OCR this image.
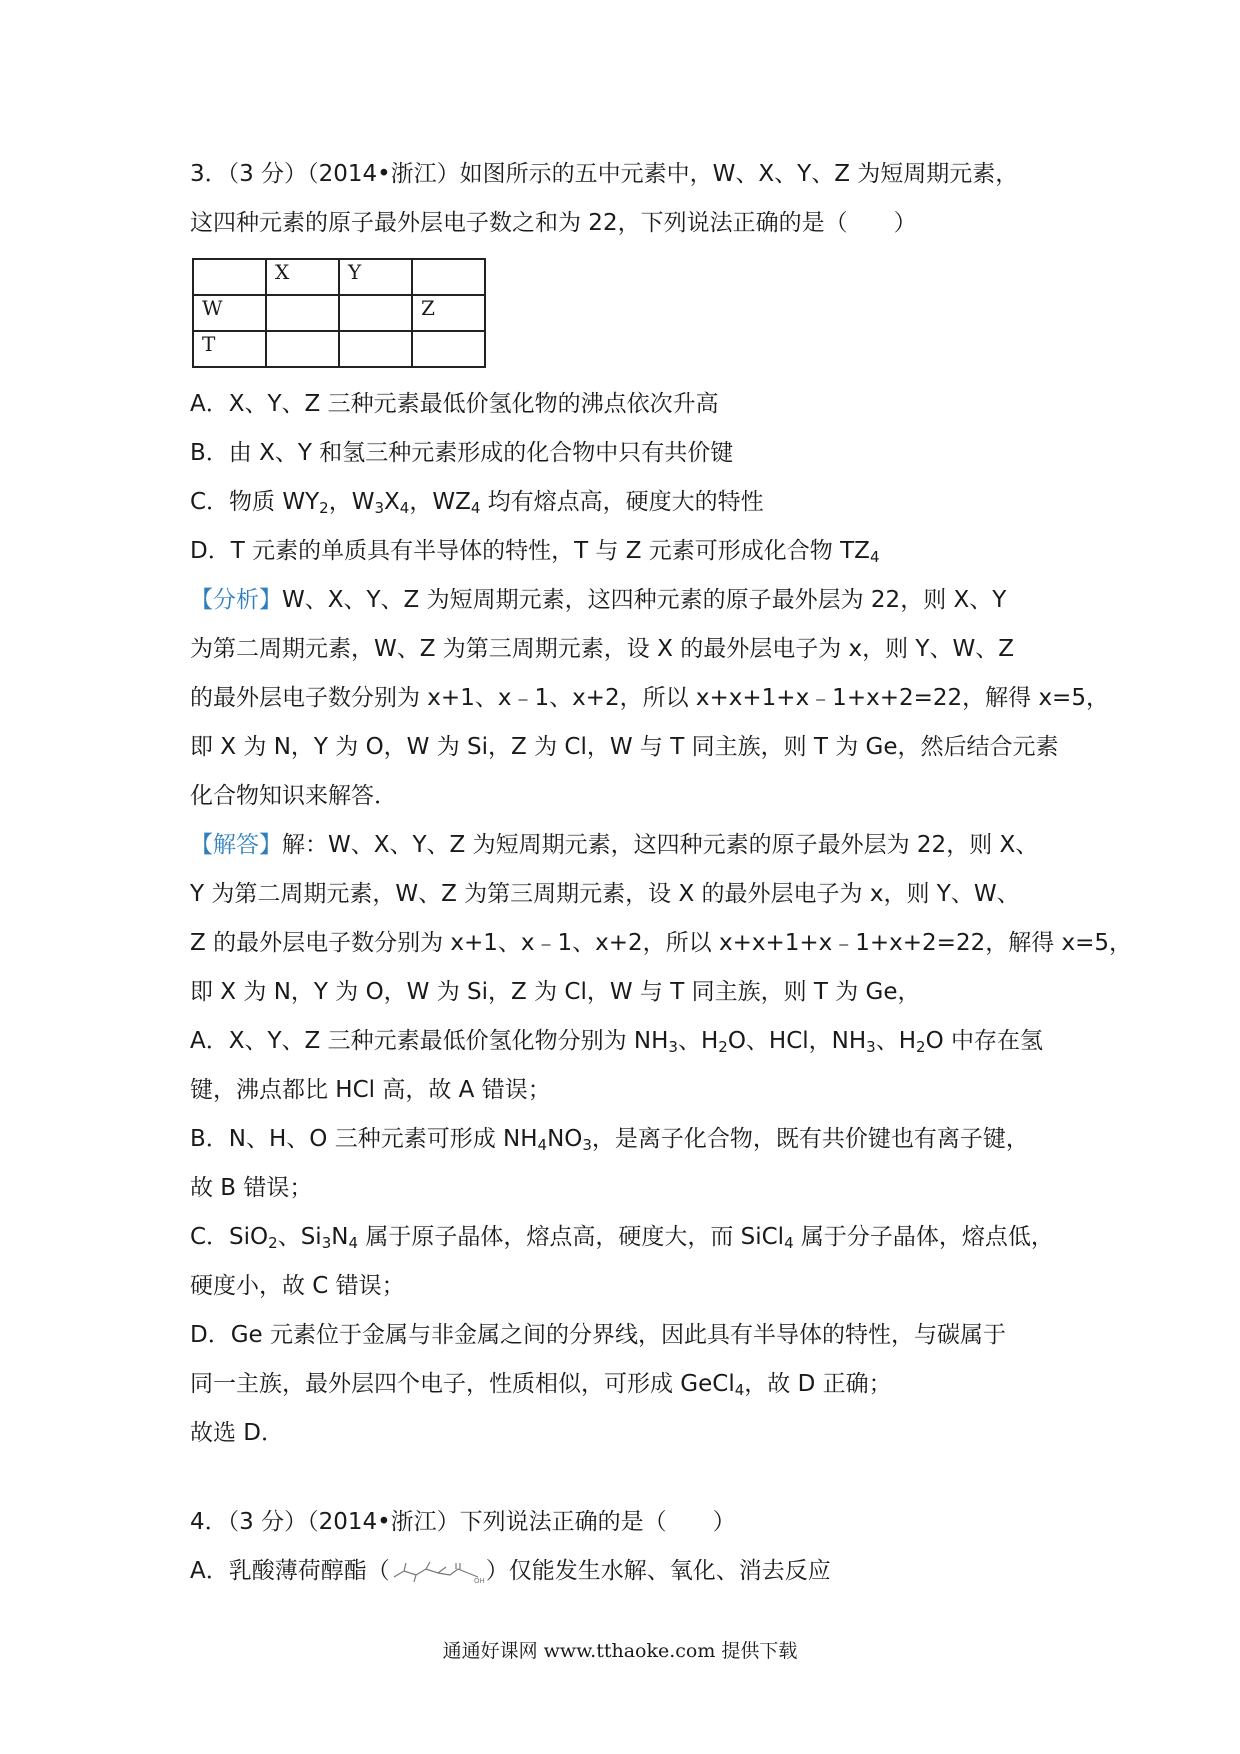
3．（3 分）（2014•浙江）如图所示的五中元素中，W、X、Y、Z 为短周期元素，
这四种元素的原子最外层电子数之和为 22，下列说法正确的是（　　）
	X	Y	
W			Z
T			
A．X、Y、Z 三种元素最低价氢化物的沸点依次升高
B．由 X、Y 和氢三种元素形成的化合物中只有共价键
C．物质 $WY_2$，$W_3X_4$，$WZ_4$ 均有熔点高，硬度大的特性
D．T 元素的单质具有半导体的特性，T 与 Z 元素可形成化合物 $TZ_4$
【分析】W、X、Y、Z 为短周期元素，这四种元素的原子最外层为 22，则 X、Y
为第二周期元素，W、Z 为第三周期元素，设 X 的最外层电子为 x，则 Y、W、Z
的最外层电子数分别为 x+1、x﹣1、x+2，所以 x+x+1+x﹣1+x+2=22，解得 x=5，
即 X 为 N，Y 为 O，W 为 Si，Z 为 Cl，W 与 T 同主族，则 T 为 Ge，然后结合元素
化合物知识来解答．
【解答】解：W、X、Y、Z 为短周期元素，这四种元素的原子最外层为 22，则 X、
Y 为第二周期元素，W、Z 为第三周期元素，设 X 的最外层电子为 x，则 Y、W、
Z 的最外层电子数分别为 x+1、x﹣1、x+2，所以 x+x+1+x﹣1+x+2=22，解得 x=5，
即 X 为 N，Y 为 O，W 为 Si，Z 为 Cl，W 与 T 同主族，则 T 为 Ge，
A．X、Y、Z 三种元素最低价氢化物分别为 $NH_3$、$H_2O$、HCl，$NH_3$、$H_2O$ 中存在氢
键，沸点都比 HCl 高，故 A 错误；
B．N、H、O 三种元素可形成 $NH_4NO_3$，是离子化合物，既有共价键也有离子键，
故 B 错误；
C．SiO$_2$、$Si_3N_4$ 属于原子晶体，熔点高，硬度大，而 SiCl$_4$ 属于分子晶体，熔点低，
硬度小，故 C 错误；
D．Ge 元素位于金属与非金属之间的分界线，因此具有半导体的特性，与碳属于
同一主族，最外层四个电子，性质相似，可形成 GeCl$_4$，故 D 正确；
故选 D．
4．（3 分）（2014•浙江）下列说法正确的是（　　）
A．乳酸薄荷醇酯（	OH ）仅能发生水解、氧化、消去反应
通通好课网 www.tthaoke.com 提供下载
